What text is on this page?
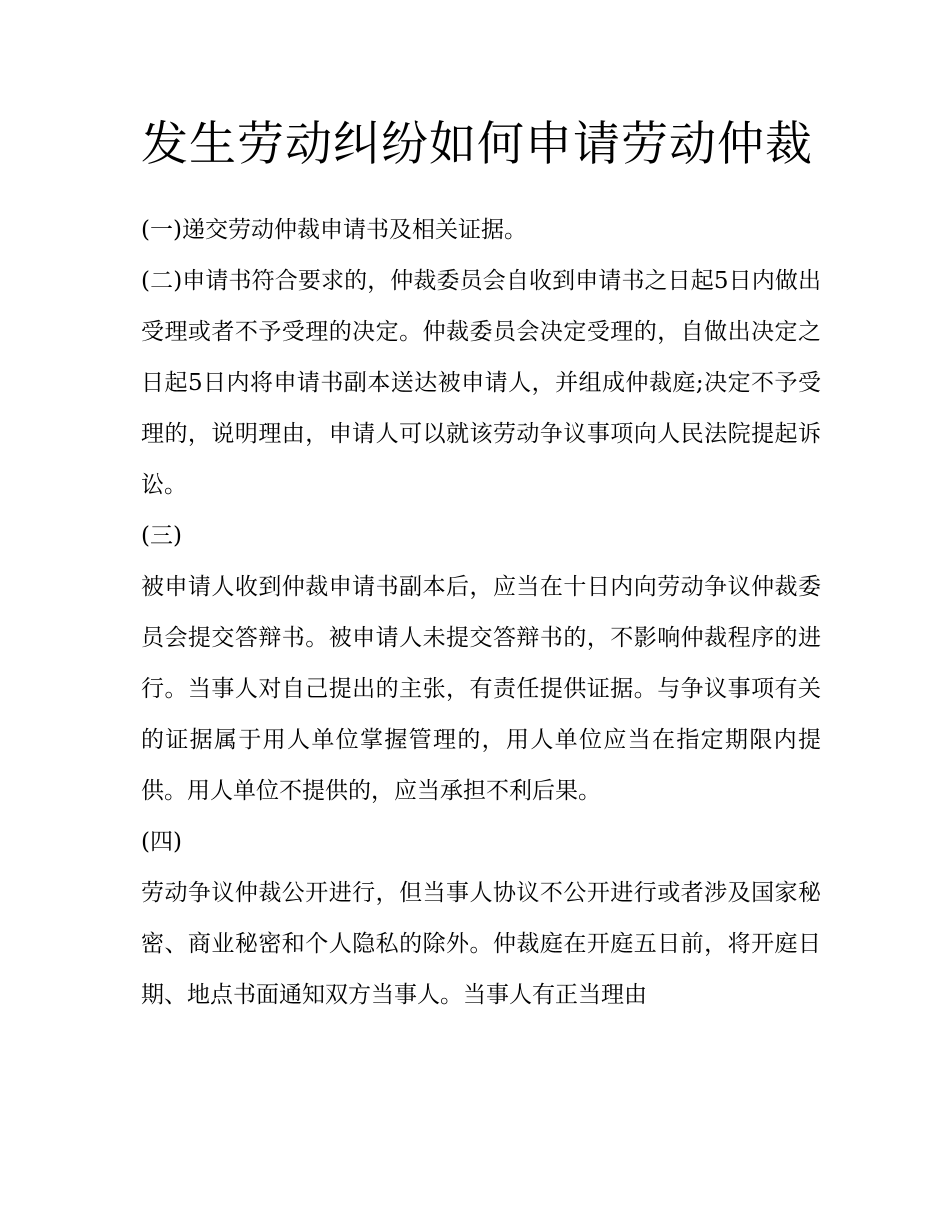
发生劳动纠纷如何申请劳动仲裁

(一)递交劳动仲裁申请书及相关证据。

(二)申请书符合要求的，仲裁委员会自收到申请书之日起5日内做出受理或者不予受理的决定。仲裁委员会决定受理的，自做出决定之日起5日内将申请书副本送达被申请人，并组成仲裁庭;决定不予受理的，说明理由，申请人可以就该劳动争议事项向人民法院提起诉讼。

(三)

被申请人收到仲裁申请书副本后，应当在十日内向劳动争议仲裁委员会提交答辩书。被申请人未提交答辩书的，不影响仲裁程序的进行。当事人对自己提出的主张，有责任提供证据。与争议事项有关的证据属于用人单位掌握管理的，用人单位应当在指定期限内提供。用人单位不提供的，应当承担不利后果。

(四)

劳动争议仲裁公开进行，但当事人协议不公开进行或者涉及国家秘密、商业秘密和个人隐私的除外。仲裁庭在开庭五日前，将开庭日期、地点书面通知双方当事人。当事人有正当理由
